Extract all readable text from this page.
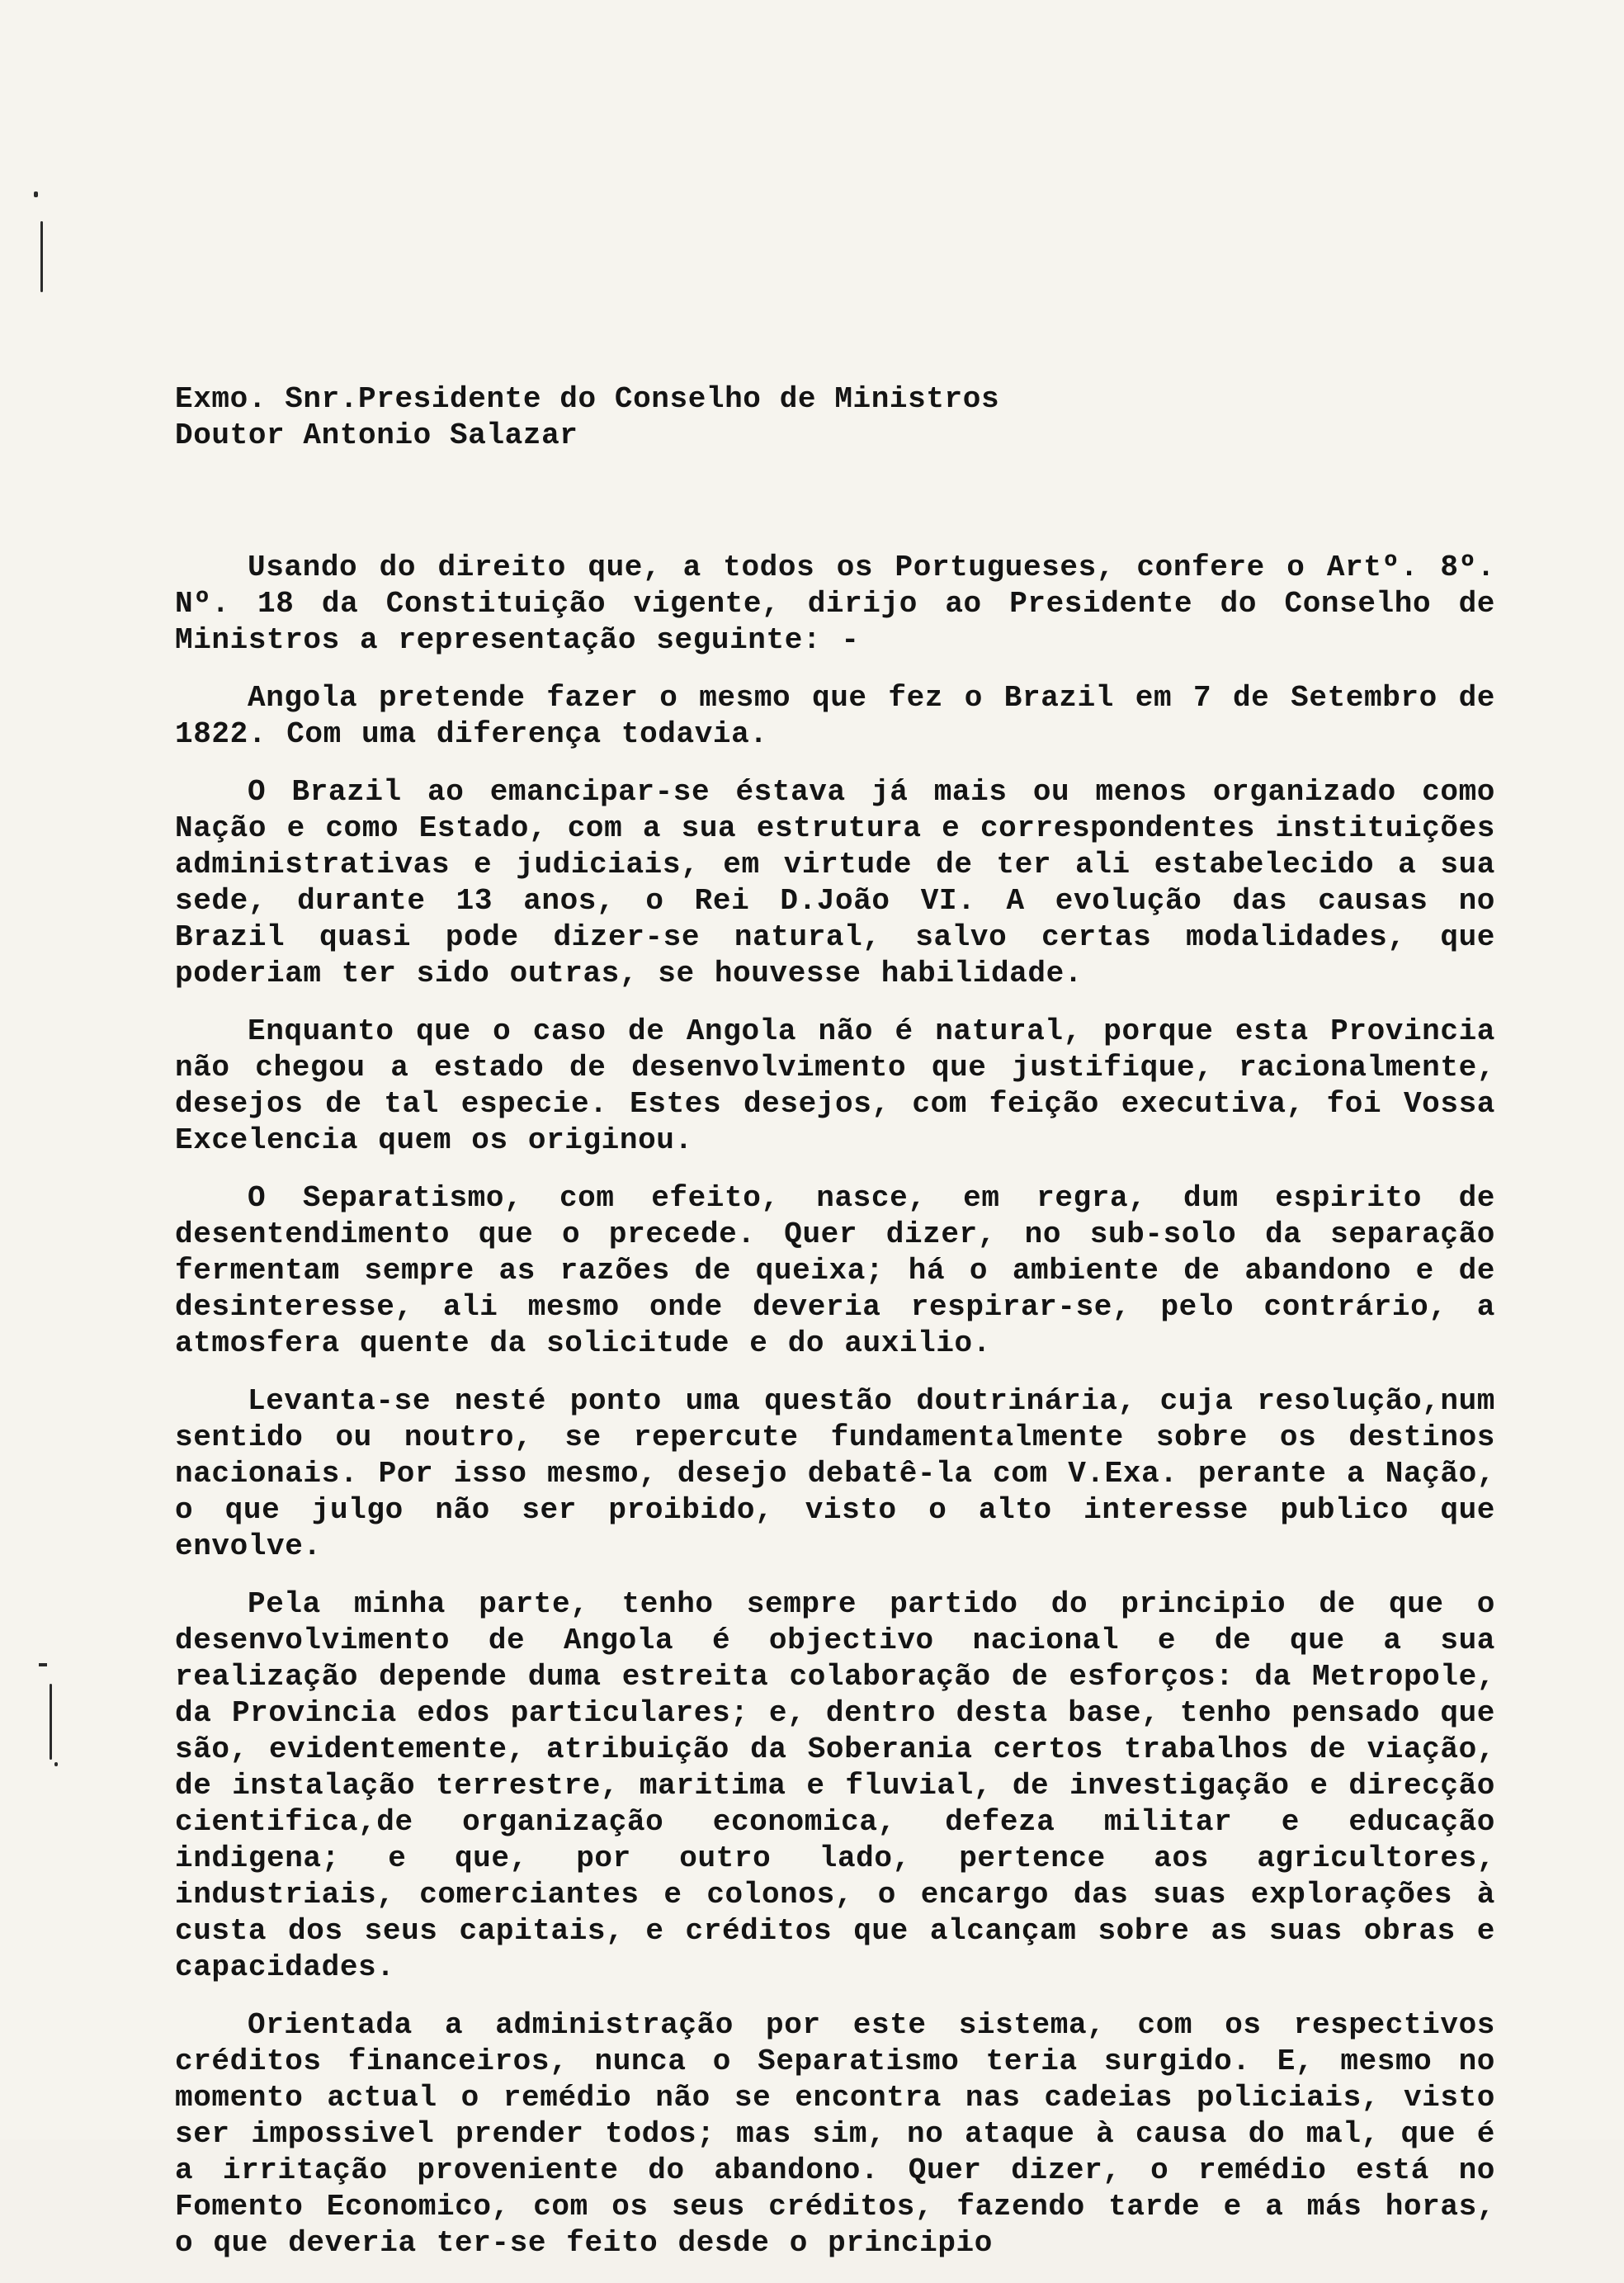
Exmo. Snr.Presidente do Conselho de Ministros

Doutor Antonio Salazar

Usando do direito que, a todos os Portugueses, confere o Artº. 8º. Nº. 18 da Constituição vigente, dirijo ao Presidente do Conselho de Ministros a representação seguinte: -

Angola pretende fazer o mesmo que fez o Brazil em 7 de Setembro de 1822. Com uma diferença todavia.

O Brazil ao emancipar-se éstava já mais ou menos organizado como Nação e como Estado, com a sua estrutura e correspondentes instituições administrativas e judiciais, em virtude de ter ali estabelecido a sua sede, durante 13 anos, o Rei D.João VI. A evolução das causas no Brazil quasi pode dizer-se natural, salvo certas modalidades, que poderiam ter sido outras, se houvesse habilidade.

Enquanto que o caso de Angola não é natural, porque esta Provincia não chegou a estado de desenvolvimento que justifique, racionalmente, desejos de tal especie. Estes desejos, com feição executiva, foi Vossa Excelencia quem os originou.

O Separatismo, com efeito, nasce, em regra, dum espirito de desentendimento que o precede. Quer dizer, no sub-solo da separação fermentam sempre as razões de queixa; há o ambiente de abandono e de desinteresse, ali mesmo onde deveria respirar-se, pelo contrário, a atmosfera quente da solicitude e do auxilio.

Levanta-se nesté ponto uma questão doutrinária, cuja resolução,num sentido ou noutro, se repercute fundamentalmente sobre os destinos nacionais. Por isso mesmo, desejo debatê-la com V.Exa. perante a Nação, o que julgo não ser proibido, visto o alto interesse publico que envolve.

Pela minha parte, tenho sempre partido do principio de que o desenvolvimento de Angola é objectivo nacional e de que a sua realização depende duma estreita colaboração de esforços: da Metropole, da Provincia edos particulares; e, dentro desta base, tenho pensado que são, evidentemente, atribuição da Soberania certos trabalhos de viação, de instalação terrestre, maritima e fluvial, de investigação e direcção cientifica,de organização economica, defeza militar e educação indigena; e que, por outro lado, pertence aos agricultores, industriais, comerciantes e colonos, o encargo das suas explorações à custa dos seus capitais, e créditos que alcançam sobre as suas obras e capacidades.

Orientada a administração por este sistema, com os respectivos créditos financeiros, nunca o Separatismo teria surgido. E, mesmo no momento actual o remédio não se encontra nas cadeias policiais, visto ser impossivel prender todos; mas sim, no ataque à causa do mal, que é a irritação proveniente do abandono. Quer dizer, o remédio está no Fomento Economico, com os seus créditos, fazendo tarde e a más horas, o que deveria ter-se feito desde o principio
